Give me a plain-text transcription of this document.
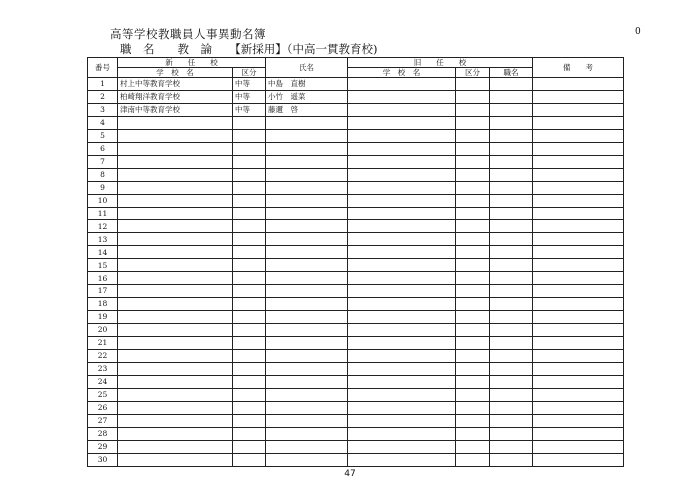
高等学校教職員人事異動名簿	0
職　名　　教　論　　【新採用】（中高一貫教育校)
番号	新　　任　　校		氏名	旧　　任　　校			備　　考
	学　校　名	区分		学　校　名	区分	職名	
1	村上中等教育学校	中等	中島　直樹				
2	柏崎翔洋教育学校	中等	小竹　遥菜				
3	津南中等教育学校	中等	藤邇　啓				
4							
5							
6							
7							
8							
9							
10							
11							
12							
13							
14							
15							
16							
17							
18							
19							
20							
21							
22							
23							
24							
25							
26							
27							
28							
29							
30							
47
